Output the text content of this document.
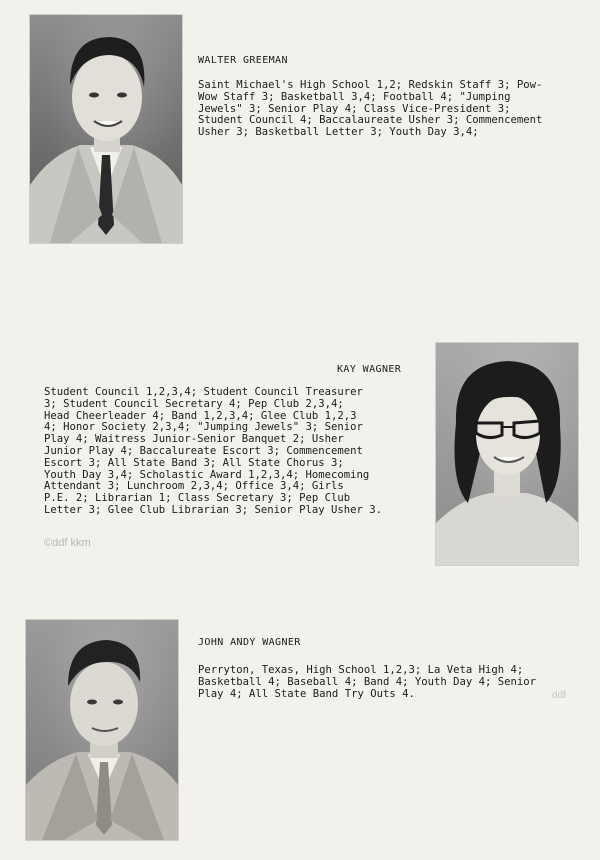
WALTER GREEMAN
Saint Michael's High School 1,2; Redskin Staff 3; Pow-
Wow Staff 3; Basketball 3,4; Football 4; "Jumping
Jewels" 3; Senior Play 4; Class Vice-President 3;
Student Council 4; Baccalaureate Usher 3; Commencement
Usher 3; Basketball Letter 3; Youth Day 3,4;
KAY WAGNER
Student Council 1,2,3,4; Student Council Treasurer
3; Student Council Secretary 4; Pep Club 2,3,4;
Head Cheerleader 4; Band 1,2,3,4; Glee Club 1,2,3
4; Honor Society 2,3,4; "Jumping Jewels" 3; Senior
Play 4; Waitress Junior-Senior Banquet 2; Usher
Junior Play 4; Baccalureate Escort 3; Commencement
Escort 3; All State Band 3; All State Chorus 3;
Youth Day 3,4; Scholastic Award 1,2,3,4; Homecoming
Attendant 3; Lunchroom 2,3,4; Office 3,4; Girls
P.E. 2; Librarian 1; Class Secretary 3; Pep Club
Letter 3; Glee Club Librarian 3; Senior Play Usher 3.
©ddf kkm
JOHN ANDY WAGNER
Perryton, Texas, High School 1,2,3; La Veta High 4;
Basketball 4; Baseball 4; Band 4; Youth Day 4; Senior
Play 4; All State Band Try Outs 4.	ddf
